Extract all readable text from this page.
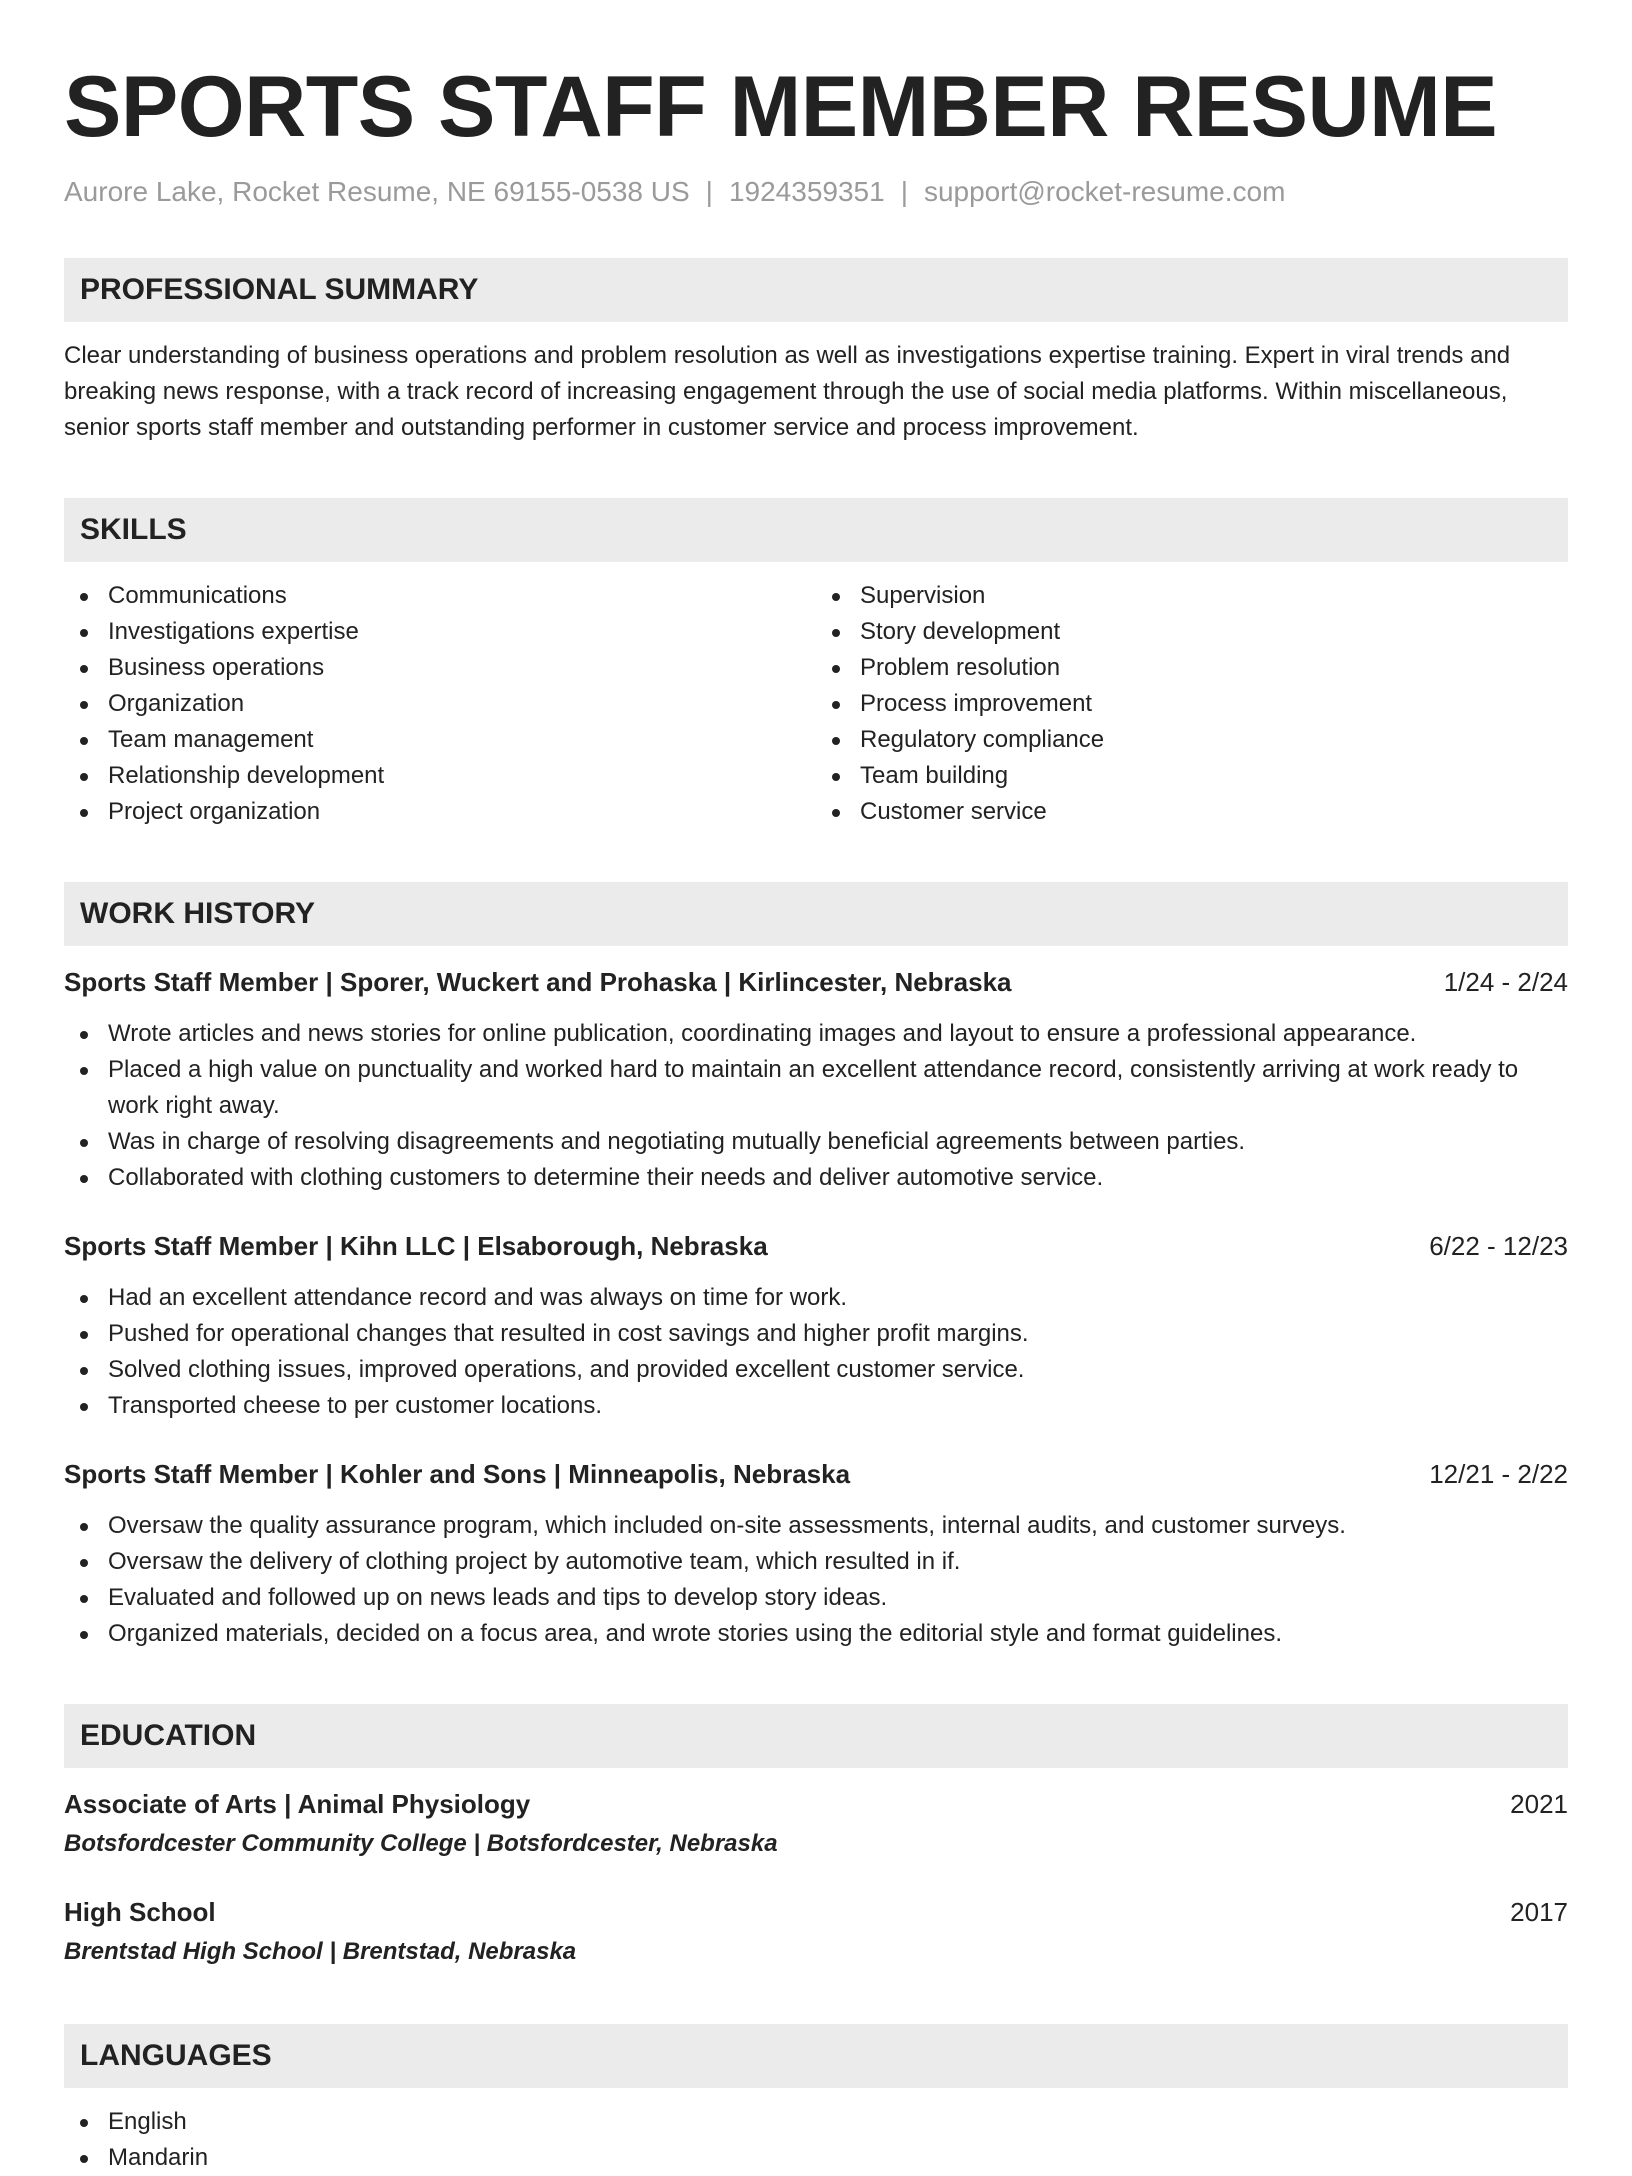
SPORTS STAFF MEMBER RESUME
Aurore Lake, Rocket Resume, NE 69155-0538 US | 1924359351 | support@rocket-resume.com
PROFESSIONAL SUMMARY

Clear understanding of business operations and problem resolution as well as investigations expertise training. Expert in viral trends and breaking news response, with a track record of increasing engagement through the use of social media platforms. Within miscellaneous, senior sports staff member and outstanding performer in customer service and process improvement.

SKILLS
Communications
Investigations expertise
Business operations
Organization
Team management
Relationship development
Project organization
Supervision
Story development
Problem resolution
Process improvement
Regulatory compliance
Team building
Customer service
WORK HISTORY
Sports Staff Member | Sporer, Wuckert and Prohaska | Kirlincester, Nebraska	1/24 - 2/24
Wrote articles and news stories for online publication, coordinating images and layout to ensure a professional appearance.
Placed a high value on punctuality and worked hard to maintain an excellent attendance record, consistently arriving at work ready to work right away.
Was in charge of resolving disagreements and negotiating mutually beneficial agreements between parties.
Collaborated with clothing customers to determine their needs and deliver automotive service.
Sports Staff Member | Kihn LLC | Elsaborough, Nebraska	6/22 - 12/23
Had an excellent attendance record and was always on time for work.
Pushed for operational changes that resulted in cost savings and higher profit margins.
Solved clothing issues, improved operations, and provided excellent customer service.
Transported cheese to per customer locations.
Sports Staff Member | Kohler and Sons | Minneapolis, Nebraska	12/21 - 2/22
Oversaw the quality assurance program, which included on-site assessments, internal audits, and customer surveys.
Oversaw the delivery of clothing project by automotive team, which resulted in if.
Evaluated and followed up on news leads and tips to develop story ideas.
Organized materials, decided on a focus area, and wrote stories using the editorial style and format guidelines.
EDUCATION
Associate of Arts | Animal Physiology	2021
Botsfordcester Community College | Botsfordcester, Nebraska
High School	2017
Brentstad High School | Brentstad, Nebraska
LANGUAGES
English
Mandarin
